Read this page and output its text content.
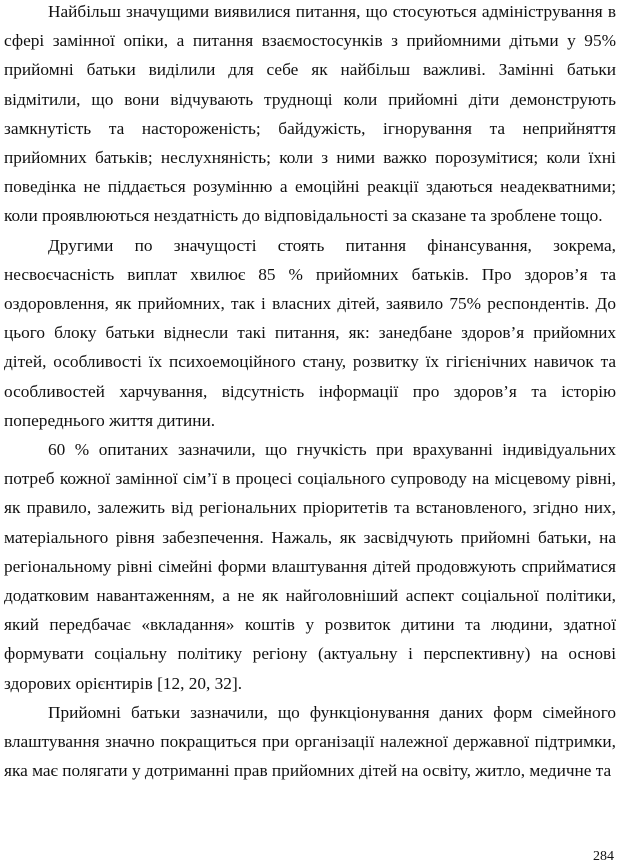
Найбільш значущими виявилися питання, що стосуються адміністрування в сфері замінної опіки, а питання взаємостосунків з прийомними дітьми у 95% прийомні батьки виділили для себе як найбільш важливі. Замінні батьки відмітили, що вони відчувають труднощі коли прийомні діти демонструють замкнутість та настороженість; байдужість, ігнорування та неприйняття прийомних батьків; неслухняність; коли з ними важко порозумітися; коли їхні поведінка не піддається розумінню а емоційні реакції здаються неадекватними; коли проявлюються нездатність до відповідальності за сказане та зроблене тощо.

Другими по значущості стоять питання фінансування, зокрема, несвоєчасність виплат хвилює 85 % прийомних батьків. Про здоров’я та оздоровлення, як прийомних, так і власних дітей, заявило 75% респондентів. До цього блоку батьки віднесли такі питання, як: занедбане здоров’я прийомних дітей, особливості їх психоемоційного стану, розвитку їх гігієнічних навичок та особливостей харчування, відсутність інформації про здоров’я та історію попереднього життя дитини.

60 % опитаних зазначили, що гнучкість при врахуванні індивідуальних потреб кожної замінної сім’ї в процесі соціального супроводу на місцевому рівні, як правило, залежить від регіональних пріоритетів та встановленого, згідно них, матеріального рівня забезпечення. Нажаль, як засвідчують прийомні батьки, на регіональному рівні сімейні форми влаштування дітей продовжують сприйматися додатковим навантаженням, а не як найголовніший аспект соціальної політики, який передбачає «вкладання» коштів у розвиток дитини та людини, здатної формувати соціальну політику регіону (актуальну і перспективну) на основі здорових орієнтирів [12, 20, 32].

Прийомні батьки зазначили, що функціонування даних форм сімейного влаштування значно покращиться при організації належної державної підтримки, яка має полягати у дотриманні прав прийомних дітей на освіту, житло, медичне та

284
